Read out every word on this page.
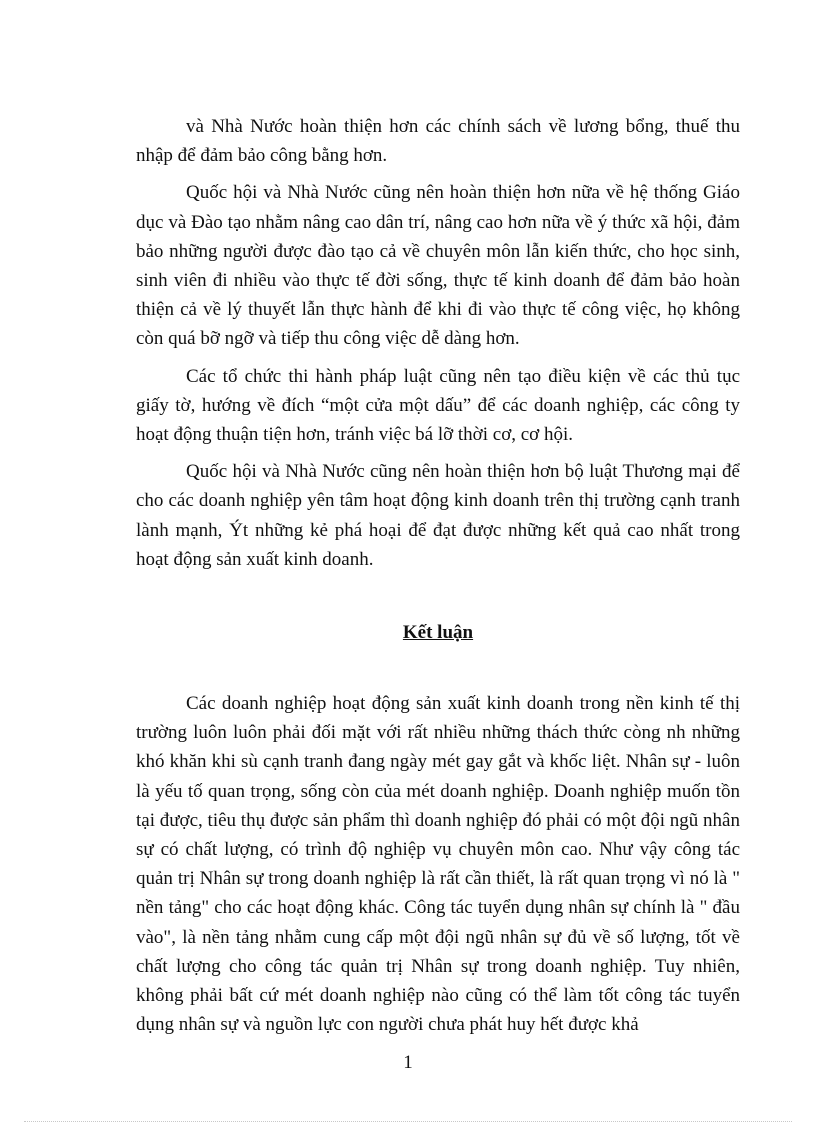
và Nhà Nước hoàn thiện hơn các chính sách về lương bổng, thuế thu nhập để đảm bảo công bằng hơn.

Quốc hội và Nhà Nước cũng nên hoàn thiện hơn nữa về hệ thống Giáo dục và Đào tạo nhằm nâng cao dân trí, nâng cao hơn nữa về ý thức xã hội, đảm bảo những người được đào tạo cả về chuyên môn lẫn kiến thức, cho học sinh, sinh viên đi nhiều vào thực tế đời sống, thực tế kinh doanh để đảm bảo hoàn thiện cả về lý thuyết lẫn thực hành để khi đi vào thực tế công việc, họ không còn quá bỡ ngỡ và tiếp thu công việc dễ dàng hơn.

Các tổ chức thi hành pháp luật cũng nên tạo điều kiện về các thủ tục giấy tờ, hướng về đích “một cửa một dấu” để các doanh nghiệp, các công ty hoạt động thuận tiện hơn, tránh việc bá lỡ thời cơ, cơ hội.

Quốc hội và Nhà Nước cũng nên hoàn thiện hơn bộ luật Thương mại để cho các doanh nghiệp yên tâm hoạt động kinh doanh trên thị trường cạnh tranh lành mạnh, Ýt những kẻ phá hoại để đạt được những kết quả cao nhất trong hoạt động sản xuất kinh doanh.

Kết luận

Các doanh nghiệp hoạt động sản xuất kinh doanh trong nền kinh tế thị trường luôn luôn phải đối mặt với rất nhiều những thách thức còng nh những khó khăn khi sù cạnh tranh đang ngày mét gay gắt và khốc liệt. Nhân sự - luôn là yếu tố quan trọng, sống còn của mét doanh nghiệp. Doanh nghiệp muốn tồn tại được, tiêu thụ được sản phẩm thì doanh nghiệp đó phải có một đội ngũ nhân sự có chất lượng, có trình độ nghiệp vụ chuyên môn cao. Như vậy công tác quản trị Nhân sự trong doanh nghiệp là rất cần thiết, là rất quan trọng vì nó là " nền tảng" cho các hoạt động khác. Công tác tuyển dụng nhân sự chính là " đầu vào", là nền tảng nhằm cung cấp một đội ngũ nhân sự đủ về số lượng, tốt về chất lượng cho công tác quản trị Nhân sự trong doanh nghiệp. Tuy nhiên, không phải bất cứ mét doanh nghiệp nào cũng có thể làm tốt công tác tuyển dụng nhân sự và nguồn lực con người chưa phát huy hết được khả

1
